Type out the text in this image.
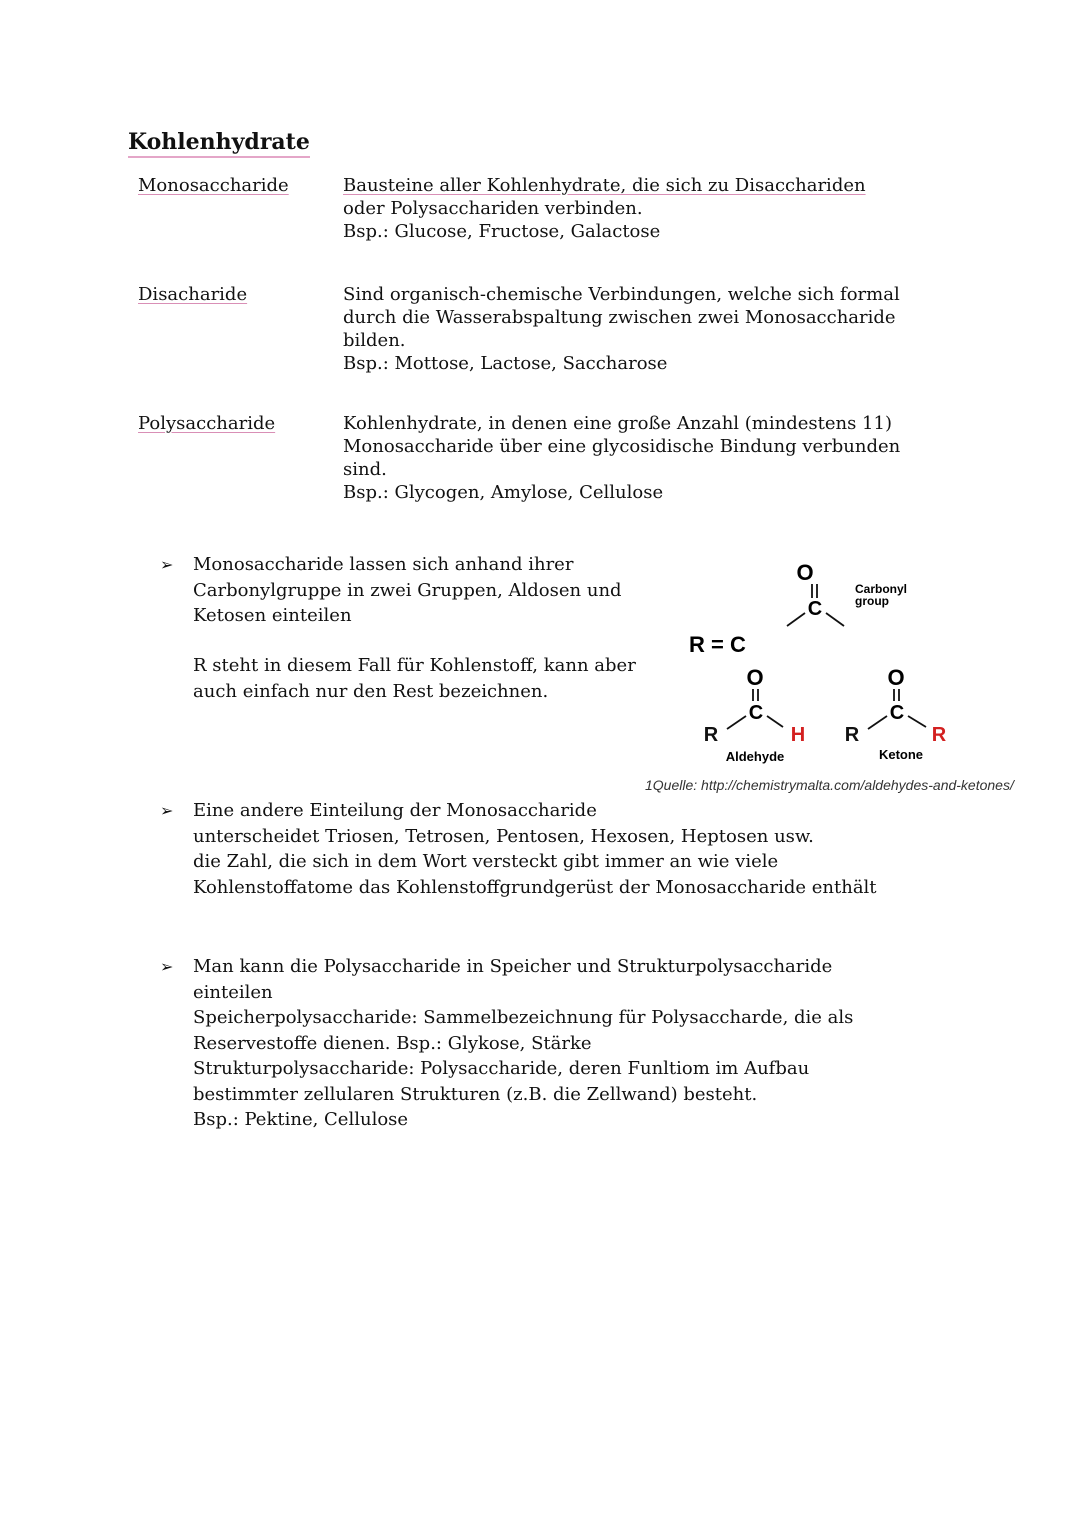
Kohlenhydrate
Monosaccharide	Bausteine aller Kohlenhydrate, die sich zu Disacchariden
oder Polysacchariden verbinden.
Bsp.: Glucose, Fructose, Galactose
Disacharide	Sind organisch-chemische Verbindungen, welche sich formal
durch die Wasserabspaltung zwischen zwei Monosaccharide
bilden.
Bsp.: Mottose, Lactose, Saccharose
Polysaccharide	Kohlenhydrate, in denen eine große Anzahl (mindestens 11)
Monosaccharide über eine glycosidische Bindung verbunden
sind.
Bsp.: Glycogen, Amylose, Cellulose
➢ Monosaccharide lassen sich anhand ihrer
Carbonylgruppe in zwei Gruppen, Aldosen und
Ketosen einteilen
R steht in diesem Fall für Kohlenstoff, kann aber
auch einfach nur den Rest bezeichnen.
O
C
Carbonyl
group
R = C
O
C
R	H
Aldehyde
O
C
R	R
Ketone
1Quelle: http://chemistrymalta.com/aldehydes-and-ketones/
➢ Eine andere Einteilung der Monosaccharide
unterscheidet Triosen, Tetrosen, Pentosen, Hexosen, Heptosen usw.
die Zahl, die sich in dem Wort versteckt gibt immer an wie viele
Kohlenstoffatome das Kohlenstoffgrundgerüst der Monosaccharide enthält
➢ Man kann die Polysaccharide in Speicher und Strukturpolysaccharide
einteilen
Speicherpolysaccharide: Sammelbezeichnung für Polysaccharde, die als
Reservestoffe dienen. Bsp.: Glykose, Stärke
Strukturpolysaccharide: Polysaccharide, deren Funltiom im Aufbau
bestimmter zellularen Strukturen (z.B. die Zellwand) besteht.
Bsp.: Pektine, Cellulose
